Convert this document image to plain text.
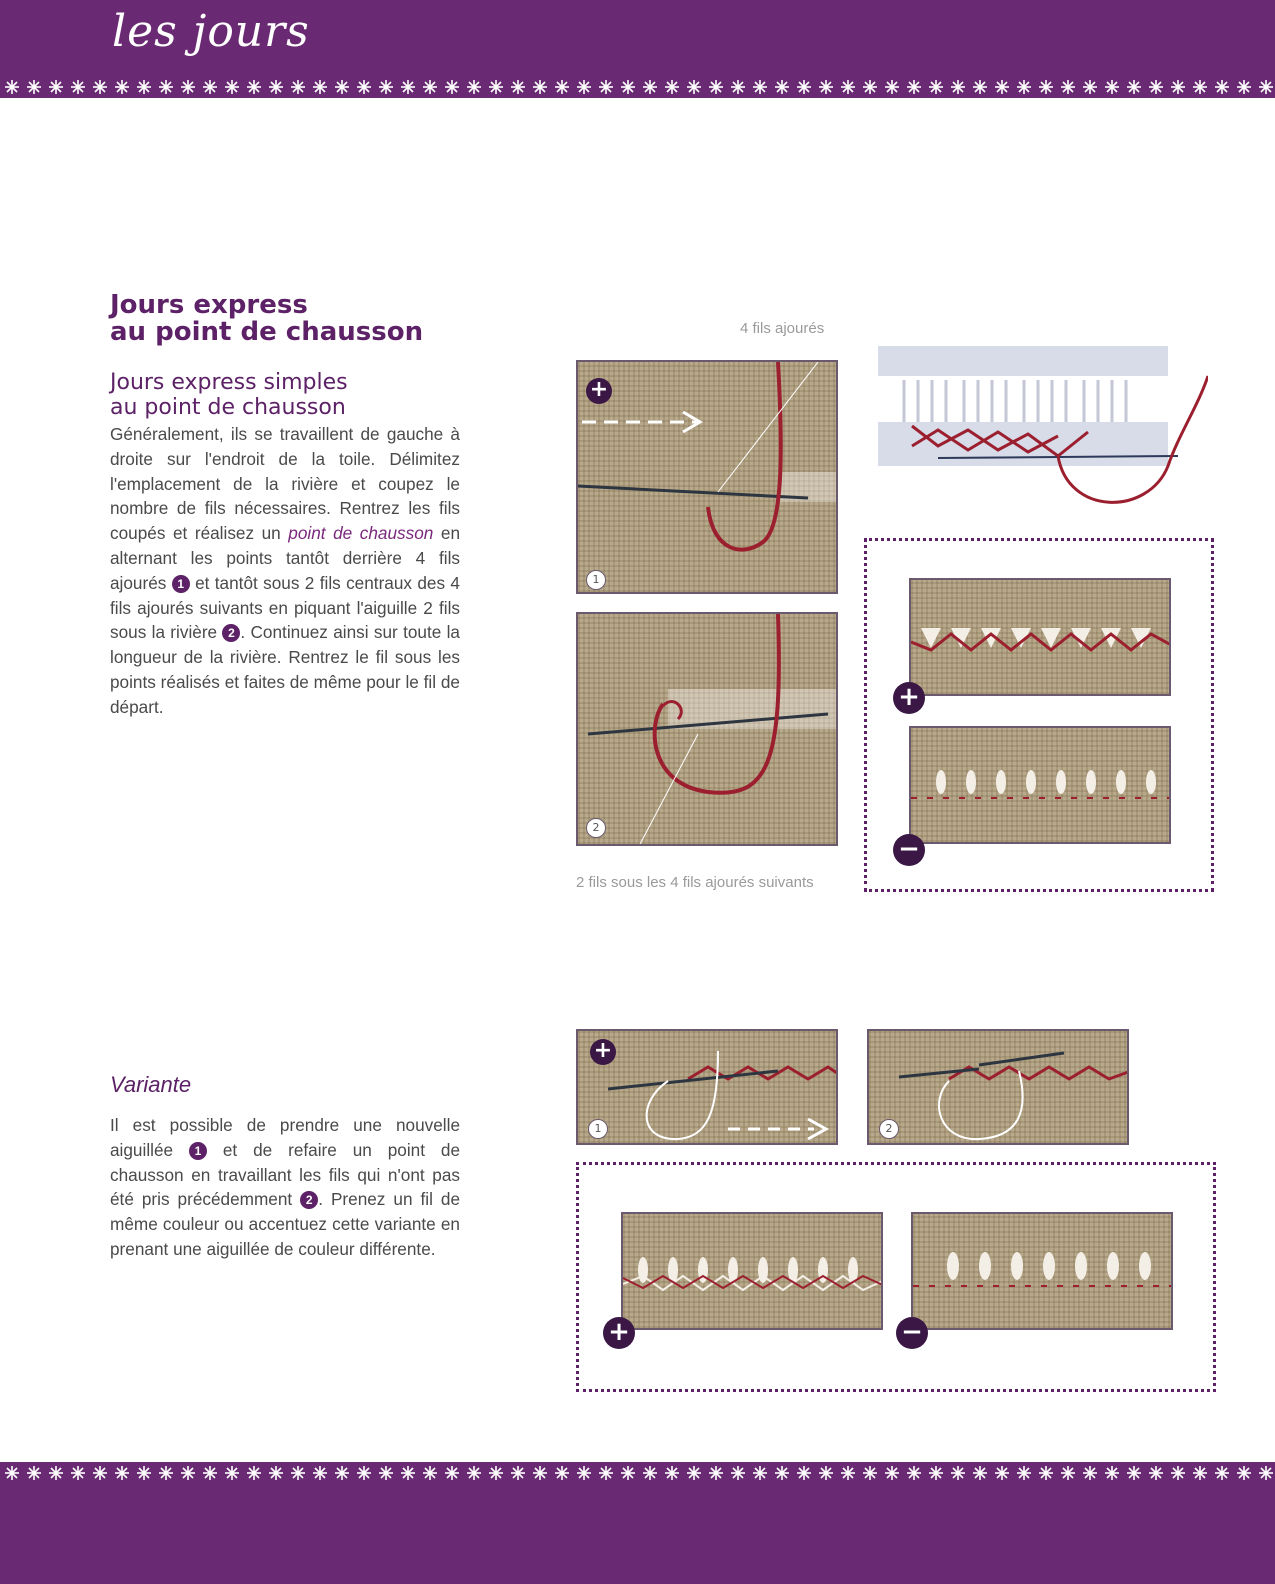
les jours
Jours express
au point de chausson
Jours express simples
au point de chausson
Généralement, ils se travaillent de gauche à droite sur l'endroit de la toile. Délimitez l'emplacement de la rivière et coupez le nombre de fils nécessaires. Rentrez les fils coupés et réalisez un point de chausson en alternant les points tantôt derrière 4 fils ajourés 1 et tantôt sous 2 fils centraux des 4 fils ajourés suivants en piquant l'aiguille 2 fils sous la rivière 2 . Continuez ainsi sur toute la longueur de la rivière. Rentrez le fil sous les points réalisés et faites de même pour le fil de départ.
Variante
Il est possible de prendre une nouvelle aiguillée 1 et de refaire un point de chausson en travaillant les fils qui n'ont pas été pris précédemment 2 . Prenez un fil de même couleur ou accentuez cette variante en prenant une aiguillée de couleur différente.
4 fils ajourés
+
1
2
2 fils sous les 4 fils ajourés suivants
+
−
+
1	2
+	−
